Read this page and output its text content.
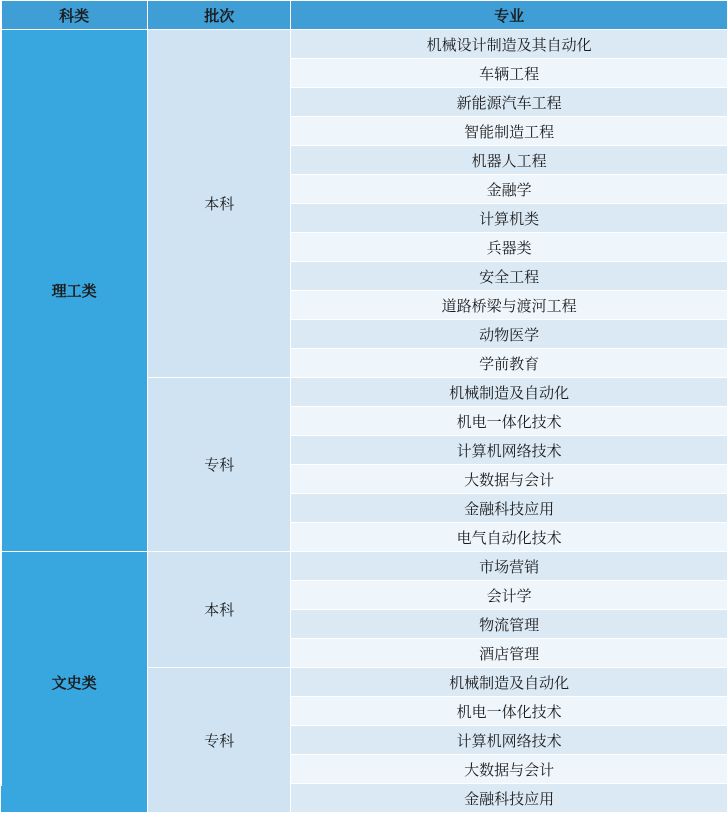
科类	批次	专业
理工类	本科	机械设计制造及其自动化
		车辆工程
		新能源汽车工程
		智能制造工程
		机器人工程
		金融学
		计算机类
		兵器类
		安全工程
		道路桥梁与渡河工程
		动物医学
		学前教育
	专科	机械制造及自动化
		机电一体化技术
		计算机网络技术
		大数据与会计
		金融科技应用
		电气自动化技术
文史类	本科	市场营销
		会计学
		物流管理
		酒店管理
	专科	机械制造及自动化
		机电一体化技术
		计算机网络技术
		大数据与会计
		金融科技应用
